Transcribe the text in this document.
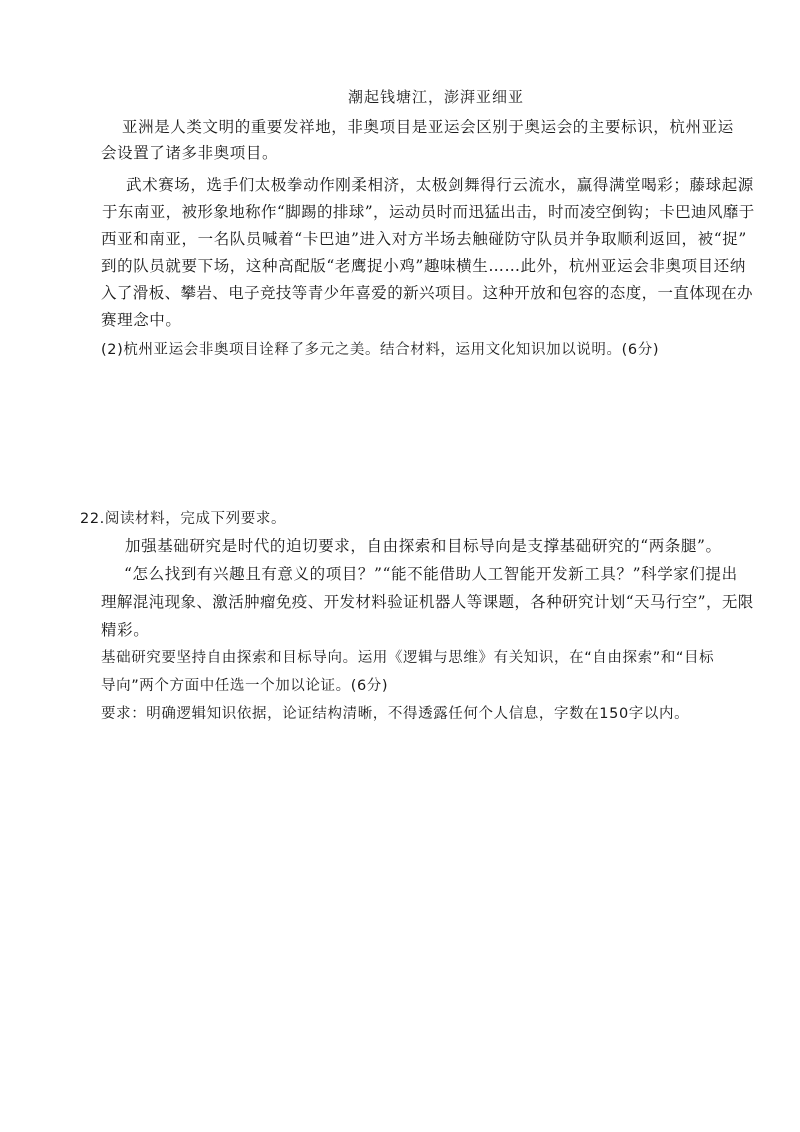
潮起钱塘江，澎湃亚细亚
亚洲是人类文明的重要发祥地，非奥项目是亚运会区别于奥运会的主要标识，杭州亚运
会设置了诸多非奥项目。
武术赛场，选手们太极拳动作刚柔相济，太极剑舞得行云流水，赢得满堂喝彩；藤球起源
于东南亚，被形象地称作“脚踢的排球”，运动员时而迅猛出击，时而凌空倒钩；卡巴迪风靡于
西亚和南亚，一名队员喊着“卡巴迪”进入对方半场去触碰防守队员并争取顺利返回，被“捉”
到的队员就要下场，这种高配版“老鹰捉小鸡”趣味横生……此外，杭州亚运会非奥项目还纳
入了滑板、攀岩、电子竞技等青少年喜爱的新兴项目。这种开放和包容的态度，一直体现在办
赛理念中。
(2)杭州亚运会非奥项目诠释了多元之美。结合材料，运用文化知识加以说明。(6分)
22.阅读材料，完成下列要求。
加强基础研究是时代的迫切要求，自由探索和目标导向是支撑基础研究的“两条腿”。
“怎么找到有兴趣且有意义的项目？”“能不能借助人工智能开发新工具？”科学家们提出
理解混沌现象、激活肿瘤免疫、开发材料验证机器人等课题，各种研究计划“天马行空”，无限
精彩。
基础研究要坚持自由探索和目标导向。运用《逻辑与思维》有关知识，在“自由探索”和“目标
导向”两个方面中任选一个加以论证。(6分)
要求：明确逻辑知识依据，论证结构清晰，不得透露任何个人信息，字数在150字以内。
